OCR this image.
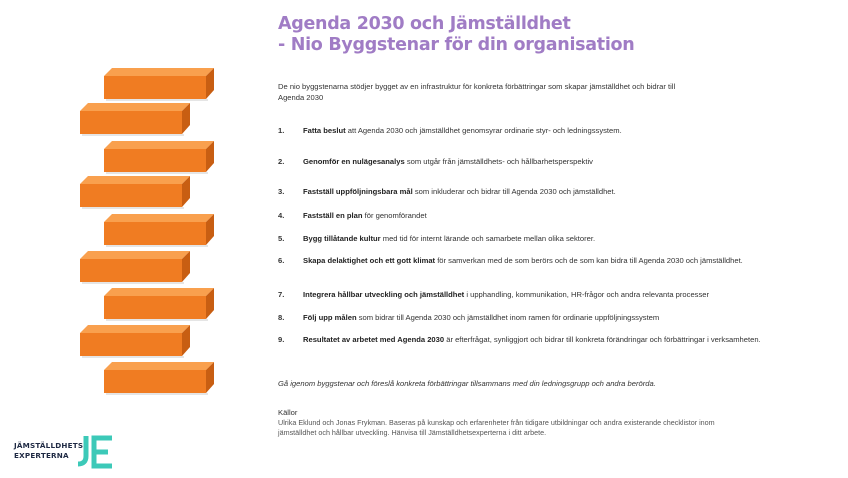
Agenda 2030 och Jämställdhet
- Nio Byggstenar för din organisation
De nio byggstenarna stödjer bygget av en infrastruktur för konkreta förbättringar som skapar jämställdhet och bidrar till Agenda 2030
1. Fatta beslut att Agenda 2030 och jämställdhet genomsyrar ordinarie styr- och ledningssystem.
2. Genomför en nulägesanalys som utgår från jämställdhets- och hållbarhetsperspektiv
3. Fastställ uppföljningsbara mål som inkluderar och bidrar till Agenda 2030 och jämställdhet.
4. Fastställ en plan för genomförandet
5. Bygg tillåtande kultur med tid för internt lärande och samarbete mellan olika sektorer.
6. Skapa delaktighet och ett gott klimat för samverkan med de som berörs och de som kan bidra till Agenda 2030 och jämställdhet.
7. Integrera hållbar utveckling och jämställdhet i upphandling, kommunikation, HR-frågor och andra relevanta processer
8. Följ upp målen som bidrar till Agenda 2030 och jämställdhet inom ramen för ordinarie uppföljningssystem
9. Resultatet av arbetet med Agenda 2030 är efterfrågat, synliggjort och bidrar till konkreta förändringar och förbättringar i verksamheten.
Gå igenom byggstenar och föreslå konkreta förbättringar tillsammans med din ledningsgrupp och andra berörda.
Källor
Ulrika Eklund och Jonas Frykman. Baseras på kunskap och erfarenheter från tidigare utbildningar och andra existerande checklistor inom jämställdhet och hållbar utveckling. Hänvisa till Jämställdhetsexperterna i ditt arbete.
JÄMSTÄLLDHETS
EXPERTERNA
